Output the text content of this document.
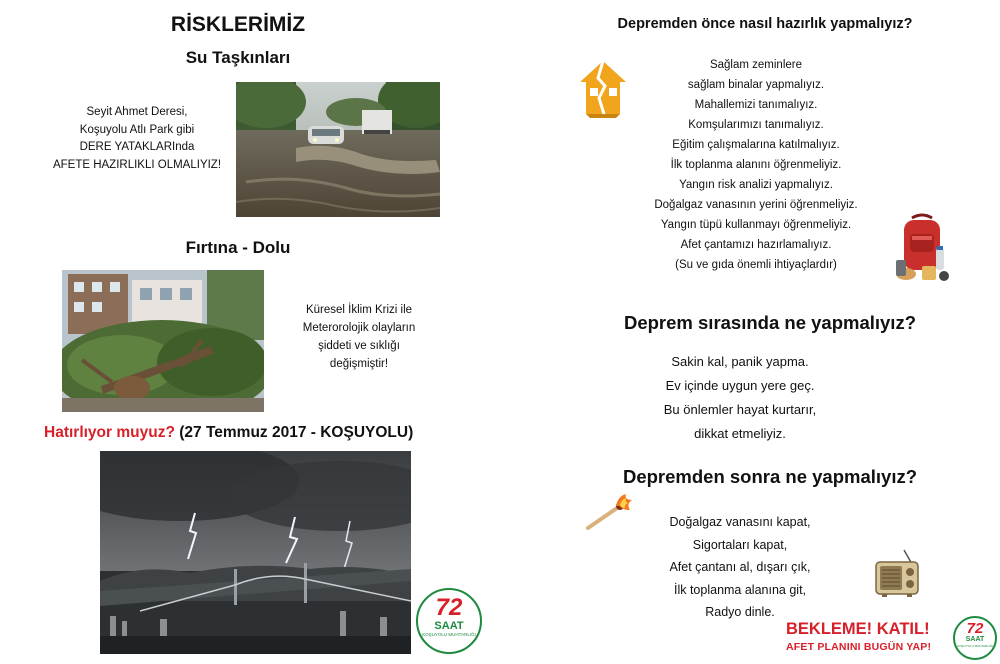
RİSKLERİMİZ
Su Taşkınları
Seyit Ahmet Deresi,
Koşuyolu Atlı Park gibi
DERE YATAKLARInda
AFETE HAZIRLIKLI OLMALIYIZ!
Fırtına - Dolu
Küresel İklim Krizi ile
Meterorolojik olayların
şiddeti ve sıklığı
değişmiştir!
Hatırlıyor muyuz? (27 Temmuz 2017 - KOŞUYOLU)
72
SAAT
KOŞUYOLU MUHTARLIĞI
Depremden önce nasıl hazırlık yapmalıyız?
Sağlam zeminlere
sağlam binalar yapmalıyız.
Mahallemizi tanımalıyız.
Komşularımızı tanımalıyız.
Eğitim çalışmalarına katılmalıyız.
İlk toplanma alanını öğrenmeliyiz.
Yangın risk analizi yapmalıyız.
Doğalgaz vanasının yerini öğrenmeliyiz.
Yangın tüpü kullanmayı öğrenmeliyiz.
Afet çantamızı hazırlamalıyız.
(Su ve gıda önemli ihtiyaçlardır)
Deprem sırasında ne yapmalıyız?
Sakin kal, panik yapma.
Ev içinde uygun yere geç.
Bu önlemler hayat kurtarır,
dikkat etmeliyiz.
Depremden sonra ne yapmalıyız?
Doğalgaz vanasını kapat,
Sigortaları kapat,
Afet çantanı al, dışarı çık,
İlk toplanma alanına git,
Radyo dinle.
BEKLEME! KATIL!
AFET PLANINI BUGÜN YAP!
72
SAAT
KOŞUYOLU MUHTARLIĞI
